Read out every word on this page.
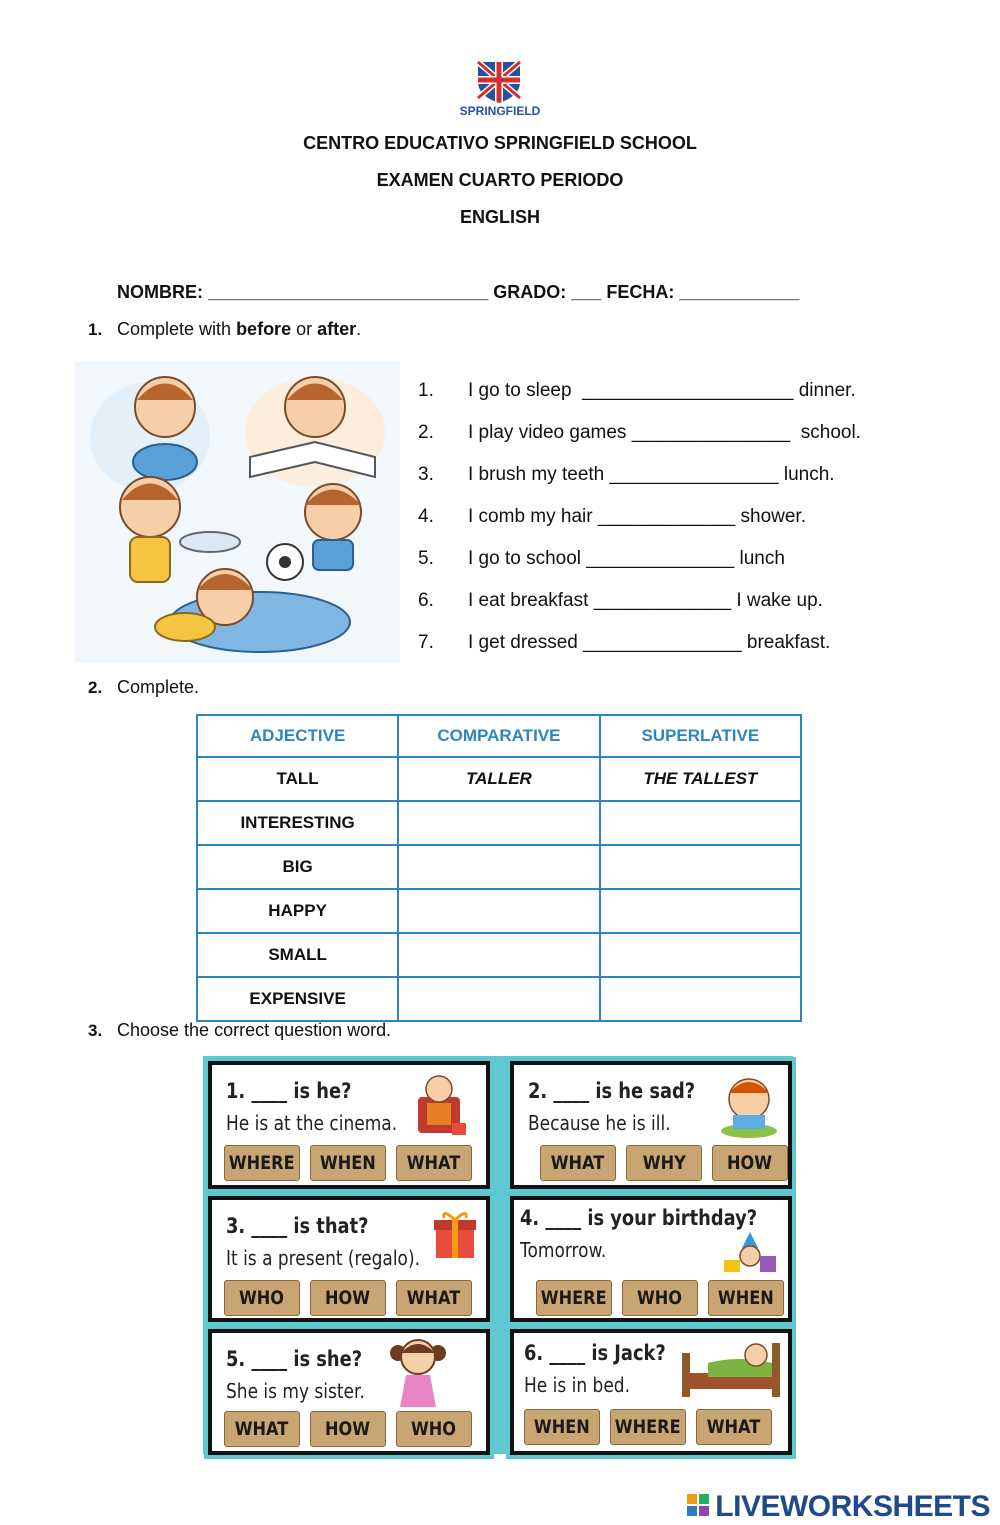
SPRINGFIELD
CENTRO EDUCATIVO SPRINGFIELD SCHOOL
EXAMEN CUARTO PERIODO
ENGLISH
NOMBRE: ____________________________ GRADO: ___ FECHA: ____________
1. Complete with before or after.
1. I go to sleep  ____________________ dinner.
2. I play video games _______________  school.
3. I brush my teeth ________________ lunch.
4. I comb my hair _____________ shower.
5. I go to school ______________ lunch
6. I eat breakfast _____________ I wake up.
7. I get dressed _______________ breakfast.
2. Complete.
ADJECTIVE	COMPARATIVE	SUPERLATIVE
TALL	TALLER	THE TALLEST
INTERESTING		
BIG		
HAPPY		
SMALL		
EXPENSIVE		
3. Choose the correct question word.
1. ____ is he?
He is at the cinema.
WHERE WHEN WHAT
2. ____ is he sad?
Because he is ill.
WHAT WHY HOW
3. ____ is that?
It is a present (regalo).
WHO HOW WHAT
4. ____ is your birthday?
Tomorrow.
WHERE WHO WHEN
5. ____ is she?
She is my sister.
WHAT HOW WHO
6. ____ is Jack?
He is in bed.
WHEN WHERE WHAT
LIVEWORKSHEETS
